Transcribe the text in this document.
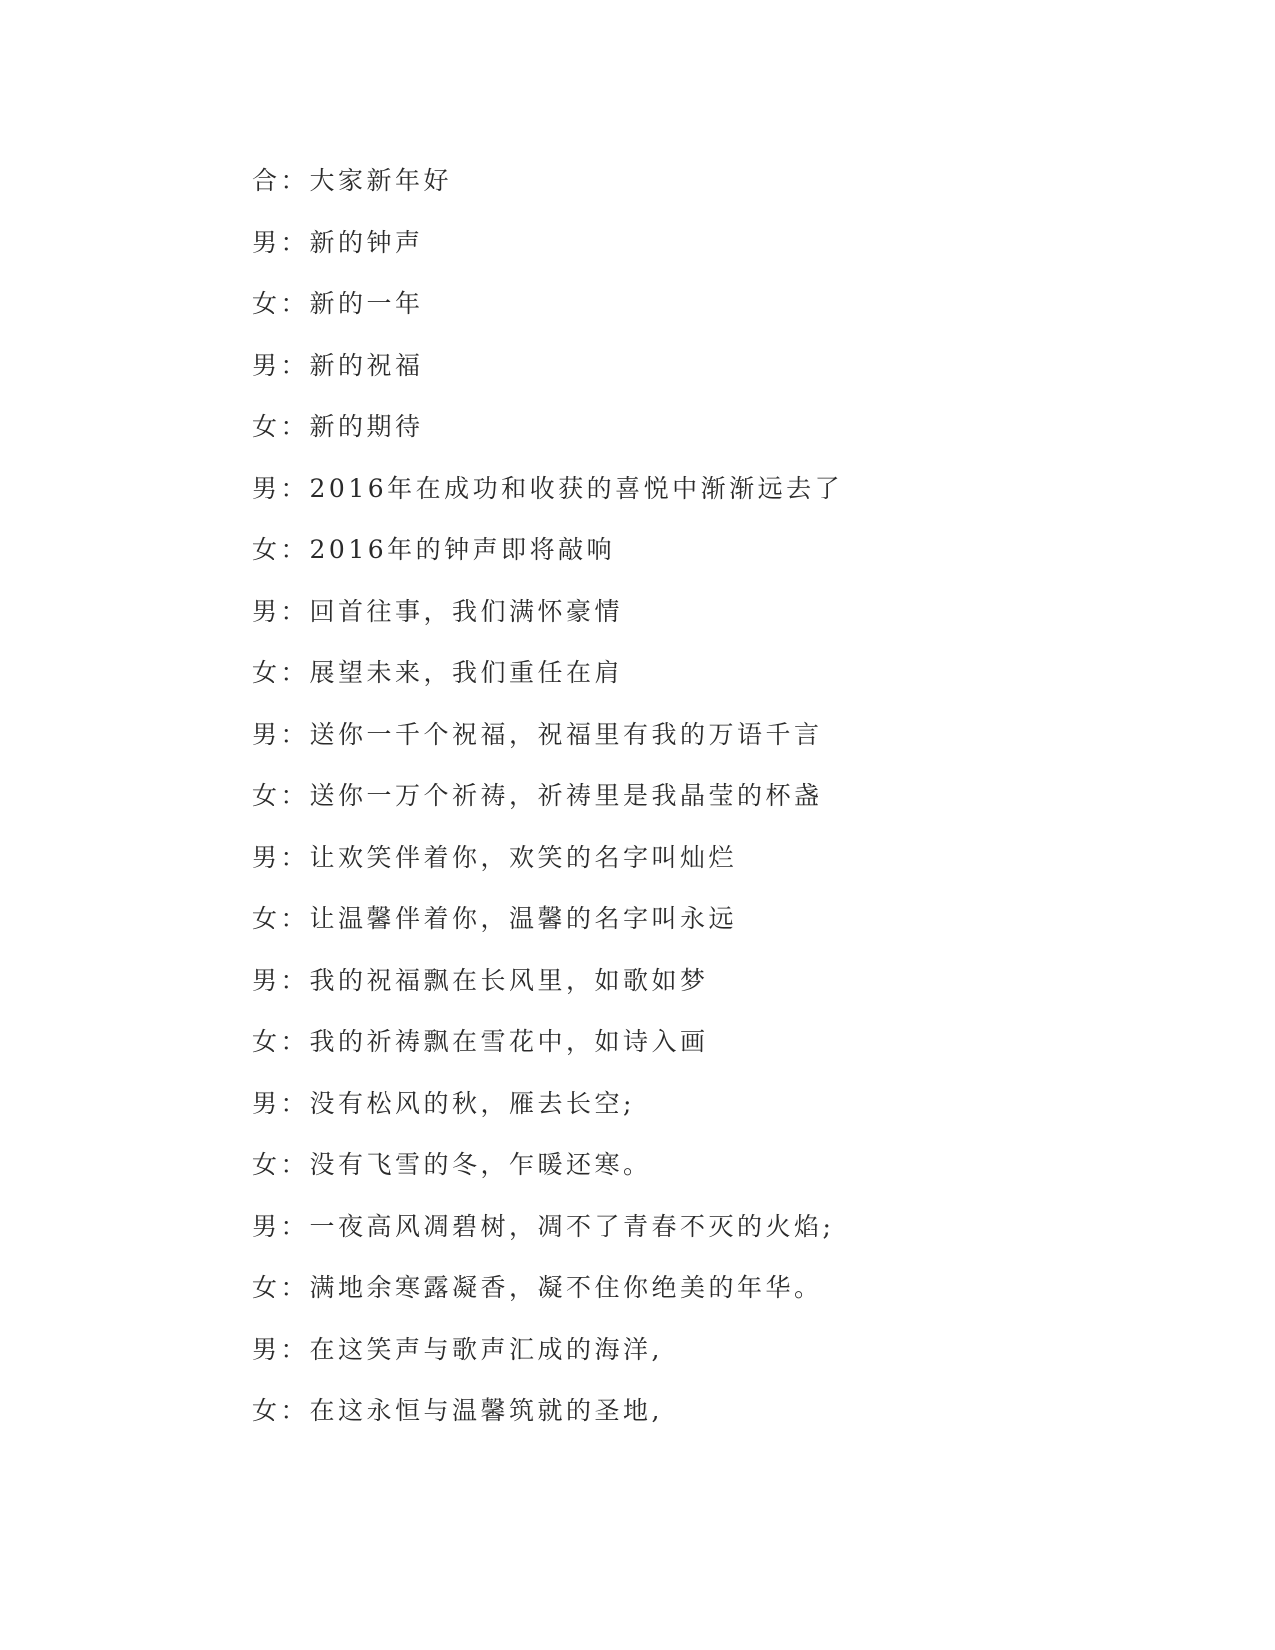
合：大家新年好
男：新的钟声
女：新的一年
男：新的祝福
女：新的期待
男：2016年在成功和收获的喜悦中渐渐远去了
女：2016年的钟声即将敲响
男：回首往事，我们满怀豪情
女：展望未来，我们重任在肩
男：送你一千个祝福，祝福里有我的万语千言
女：送你一万个祈祷，祈祷里是我晶莹的杯盏
男：让欢笑伴着你，欢笑的名字叫灿烂
女：让温馨伴着你，温馨的名字叫永远
男：我的祝福飘在长风里，如歌如梦
女：我的祈祷飘在雪花中，如诗入画
男：没有松风的秋，雁去长空;
女：没有飞雪的冬，乍暖还寒。
男：一夜高风凋碧树，凋不了青春不灭的火焰;
女：满地余寒露凝香，凝不住你绝美的年华。
男：在这笑声与歌声汇成的海洋,
女：在这永恒与温馨筑就的圣地,
